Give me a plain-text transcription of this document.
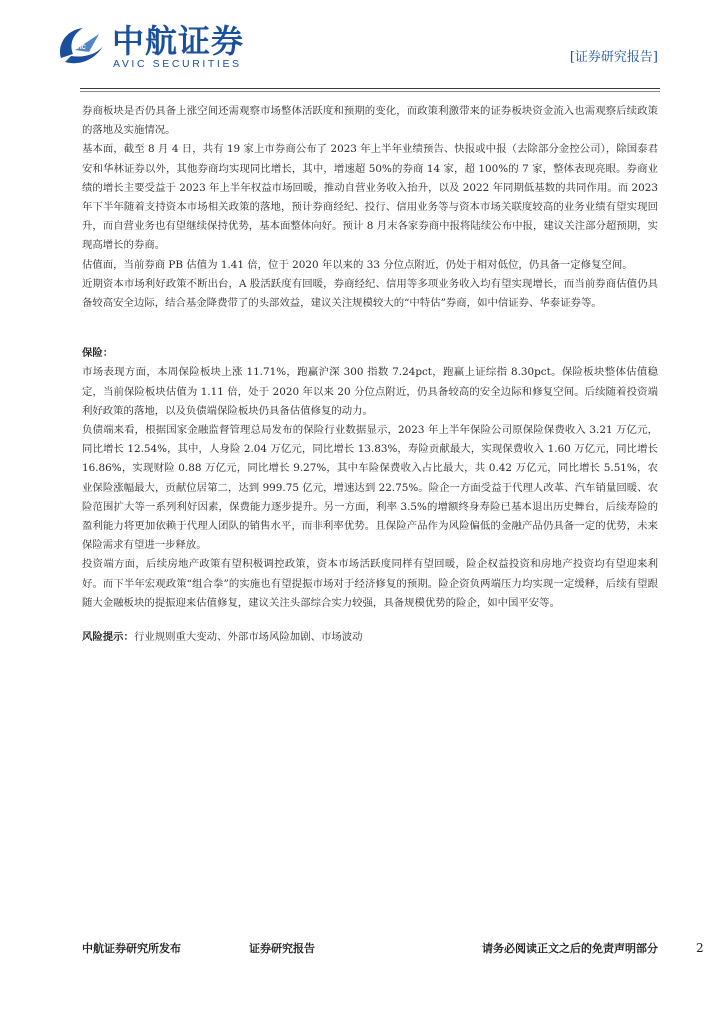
AVIC 中航证券
AVIC SECURITIES	[证券研究报告]

券商板块是否仍具备上涨空间还需观察市场整体活跃度和预期的变化，而政策利激带来的证券板块资金流入也需观察后续政策的落地及实施情况。

基本面，截至 8 月 4 日，共有 19 家上市券商公布了 2023 年上半年业绩预告、快报或中报（去除部分金控公司），除国泰君安和华林证券以外，其他券商均实现同比增长，其中，增速超 50%的券商 14 家，超 100%的 7 家，整体表现亮眼。券商业绩的增长主要受益于 2023 年上半年权益市场回暖，推动自营业务收入抬升，以及 2022 年同期低基数的共同作用。而 2023 年下半年随着支持资本市场相关政策的落地，预计券商经纪、投行、信用业务等与资本市场关联度较高的业务业绩有望实现回升，而自营业务也有望继续保持优势，基本面整体向好。预计 8 月末各家券商中报将陆续公布中报，建议关注部分超预期，实现高增长的券商。

估值面，当前券商 PB 估值为 1.41 倍，位于 2020 年以来的 33 分位点附近，仍处于相对低位，仍具备一定修复空间。

近期资本市场利好政策不断出台，A 股活跃度有回暖，券商经纪、信用等多项业务收入均有望实现增长，而当前券商估值仍具备较高安全边际，结合基金降费带了的头部效益，建议关注规模较大的“中特估”券商，如中信证券、华泰证券等。

保险：

市场表现方面，本周保险板块上涨 11.71%，跑赢沪深 300 指数 7.24pct，跑赢上证综指 8.30pct。保险板块整体估值稳定，当前保险板块估值为 1.11 倍，处于 2020 年以来 20 分位点附近，仍具备较高的安全边际和修复空间。后续随着投资端利好政策的落地，以及负债端保险板块仍具备估值修复的动力。

负债端来看，根据国家金融监督管理总局发布的保险行业数据显示，2023 年上半年保险公司原保险保费收入 3.21 万亿元，同比增长 12.54%，其中，人身险 2.04 万亿元，同比增长 13.83%，寿险贡献最大，实现保费收入 1.60 万亿元，同比增长 16.86%，实现财险 0.88 万亿元，同比增长 9.27%，其中车险保费收入占比最大，共 0.42 万亿元，同比增长 5.51%，农业保险涨幅最大，贡献位居第二，达到 999.75 亿元，增速达到 22.75%。险企一方面受益于代理人改革、汽车销量回暖、农险范围扩大等一系列利好因素，保费能力逐步提升。另一方面，利率 3.5%的增额终身寿险已基本退出历史舞台，后续寿险的盈利能力将更加依赖于代理人团队的销售水平，而非利率优势。且保险产品作为风险偏低的金融产品仍具备一定的优势，未来保险需求有望进一步释放。

投资端方面，后续房地产政策有望积极调控政策，资本市场活跃度同样有望回暖，险企权益投资和房地产投资均有望迎来利好。而下半年宏观政策“组合拳”的实施也有望提振市场对于经济修复的预期。险企资负两端压力均实现一定缓释，后续有望跟随大金融板块的提振迎来估值修复，建议关注头部综合实力较强，具备规模优势的险企，如中国平安等。

风险提示：行业规则重大变动、外部市场风险加剧、市场波动

中航证券研究所发布	证券研究报告	请务必阅读正文之后的免责声明部分	2
